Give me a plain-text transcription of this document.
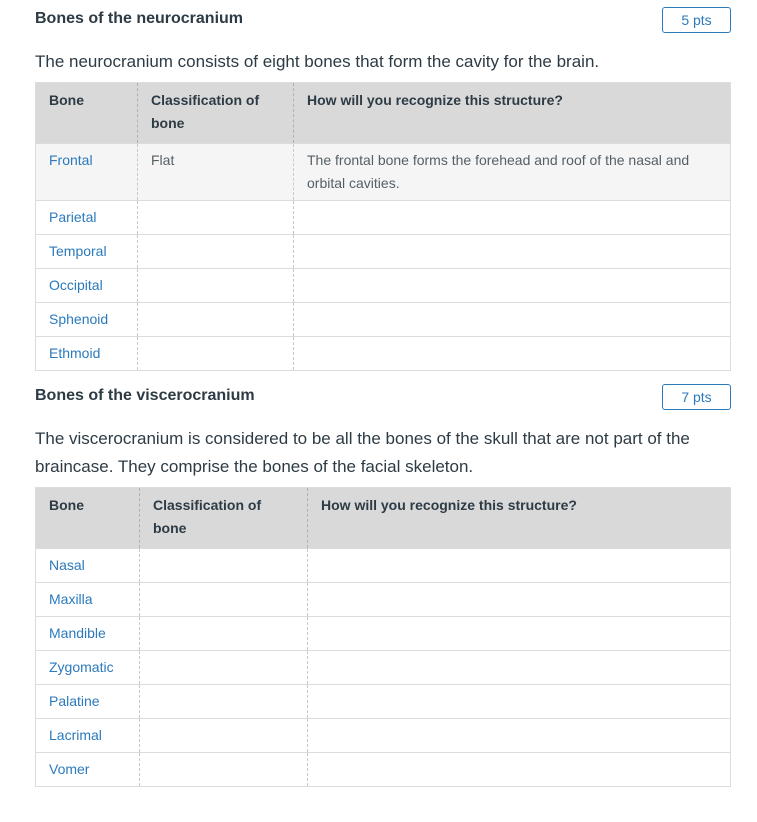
Bones of the neurocranium	5 pts

The neurocranium consists of eight bones that form the cavity for the brain.

Bone	Classification of bone	How will you recognize this structure?
Frontal	Flat	The frontal bone forms the forehead and roof of the nasal and orbital cavities.
Parietal		
Temporal		
Occipital		
Sphenoid		
Ethmoid		
Bones of the viscerocranium	7 pts

The viscerocranium is considered to be all the bones of the skull that are not part of the braincase. They comprise the bones of the facial skeleton.

Bone	Classification of bone	How will you recognize this structure?
Nasal		
Maxilla		
Mandible		
Zygomatic		
Palatine		
Lacrimal		
Vomer		
